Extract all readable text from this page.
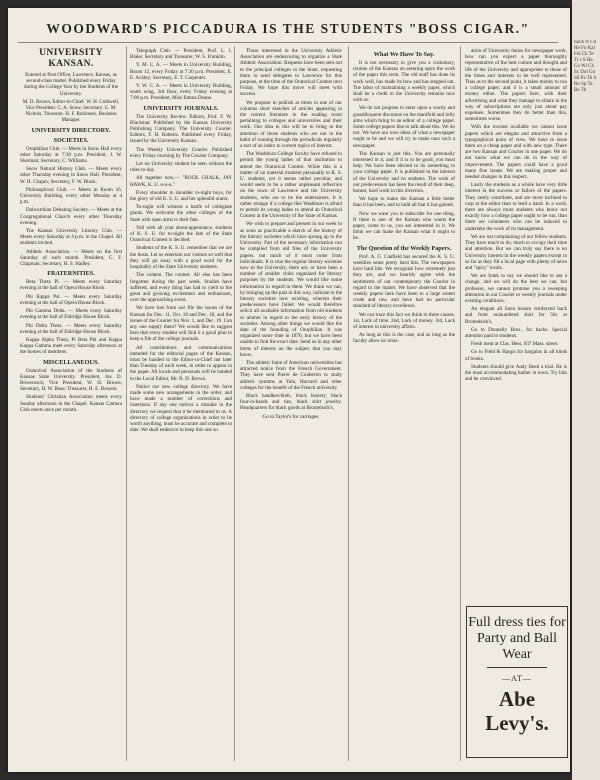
WOODWARD'S PICCADURA IS THE STUDENTS "BOSS CIGAR."
UNIVERSITY KANSAN.

Entered at Post Office, Lawrence, Kansas, as second-class matter. Published every Friday during the College Year by the Students of the University.

M. D. Brown, Editor-in-Chief. W. H. Coldwell, Vice President. C. A. Snow, Secretary. G. M. Nichols, Treasurer. H. F. Robinson, Business Manager.

UNIVERSITY DIRECTORY.
SOCIETIES.

Orophilian Club. — Meets in Snow Hall every other Saturday at 7:30 p.m. President, J. W. Sherman; Secretary, C. Williams.

Snow Natural History Club. — Meets every other Thursday evening in Snow Hall. President, W. H. Chapin; Secretary, F. W. Black.

Philosophical Club. — Meets in Room 16, University Building, every other Monday at 4 p.m.

Dalworthian Debating Society. — Meets at the Congregational Church every other Thursday evening.

The Kansas University Literary Club. — Meets every Saturday at 4 p.m. in the Chapel. All students invited.

Athletic Association. — Meets on the first Saturday of each month. President, C. F. Chapman; Secretary, H. S. Hadley.

FRATERNITIES.

Beta Theta Pi. — Meets every Saturday evening at the hall of Opera House Block.

Phi Kappa Psi. — Meets every Saturday evening at the hall of Opera House Block.

Phi Gamma Delta. — Meets every Saturday evening at the hall of Eldridge House Block.

Phi Delta Theta. — Meets every Saturday evening at the hall of Eldridge House Block.

Kappa Alpha Theta, Pi Beta Phi and Kappa Kappa Gamma meet every Saturday afternoon at the homes of members.

MISCELLANEOUS.

Oratorical Association of the Students of Kansas State University. President, Jos. D. Bowersock; Vice President, W. H. Brown; Secretary, H. W. Rose; Treasurer, H. E. Bowers.

Students' Christian Association meets every Sunday afternoon in the Chapel. Kansas Camera Club meets once per month.

Telegraph Club. — President, Prof. L. I. Blake; Secretary and Treasurer, W. S. Franklin.

Y. M. C. A. — Meets in University Building, Room 12, every Friday at 7:30 p.m. President, E. E. Ackley; Secretary, E. T. Carpenter.

Y. W. C. A. — Meets in University Building, south wing, 3rd floor, every Friday evening at 7:00 p.m. President, Miss Emma Deane.

UNIVERSITY JOURNALS.

The University Review. Editors, Prof. F. W. Blackmar. Published by the Kansas University Publishing Company. The University Courier. Editors, F. H. Roberts. Published every Friday, issued by the University Kansan.

The Weekly University Courier. Published every Friday morning by The Courier Company.

Let no University student be seen without the rules to-day.

All together now,— "ROCK CHALK, JAY HAWK, K. U. u-u-u."

Every shoulder to shoulder to-night boys, for the glory of old K. S. U. and her splendid orator.

To-night will witness a battle of collegiate giants. We welcome the other colleges of the State with open arms to their fate.

Yell with all your about-appearance, students of K. S. U. for to-night the fate of the State Oratorical Contest is decided.

Students of the K. S. U. remember that we are the hosts. Let us entertain our visitors so well that they will go away with a good word for the hospitality of the State University students.

The contest. The contest. All else has been forgotten during the past week. Studies have suffered, and every thing has had to yield to the great and growing excitement and enthusiasm, over the approaching event.

We have lost from our file the issues of the Kansan for Dec. 11, Oct. 18 and Dec. 18, and the issues of the Courier for Nov. 1, and Dec. 19. Can any one supply them? We would like to suggest here that every student will find it a good plan to keep a file of the college journals.

All contributions and communications intended for the editorial pages of the Kansan, must be handed to the Editor-in-Chief not later than Tuesday of each week, in order to appear in the paper. All locals and personals will be handed to the Local Editor, Mr. R. D. Brown.

Notice our new college directory. We have made some new arrangements in the order, and have made a number of corrections and insertions. If any one notices a mistake in the directory we request that it be mentioned to us. A directory of college organizations in order to be worth anything, must be accurate and complete to date. We shall endeavor to keep this one so.

Those interested in the University Athletic Association are endeavoring to organize a State Athletic Association. Requests have been sent out to the principal colleges in the State, requesting them to send delegates to Lawrence for this purpose, at the time of the Oratorical Contest next Friday. We hope this move will meet with success.

We propose to publish at times in one of our columns short sketches of articles appearing in the current literature in the reading room pertaining to colleges and universities and their work. Our idea in this will be to bring to the attention of those students who are not in the habit of running through the periodicals regularly a sort of an index to current topics of interest.

The Washburn College faculty have refused to permit the young ladies of that institution to attend the Oratorical Contest. While this is a matter of no material moment personally to K. S. U. students, yet it seems rather peculiar, and would seem to be a rather unpleasant reflection on the town of Lawrence and the University students, who are to be the entertainers. It is rather strange if a college like Washburn is afraid to permit its young ladies to attend an Oratorical Contest at the University of the State of Kansas.

We wish to prepare and present in our week to as soon as practicable a sketch of the history of the literary societies which have sprung up in the University. Part of the necessary information can be compiled from old files of the University papers, but much of it must come from individuals. It is true the regular literary societies now in the University, there are, or have been a number of smaller clubs organized for literary purposes by the students. We would like some information in regard to them. We think we can, by bringing up the past in this way, indicate to the literary societies now existing, wherein their predecessors have failed. We would therefore solicit all available information from old students or alumni in regard to the early history of the societies. Among other things we would like the date of the founding of Orophilian. It was organized some time in 1870, but we have been unable to find the exact date. Send us in any other items of interest on the subject that you may know.

The athletic fame of American universities has attracted notice from the French Government. They have sent Pierre de Coubertin to study athletic systems at Yale, Harvard and other colleges for the benefit of the French university.

Black handkerchiefs, black hosiery, black four-in-hands and ties, black shirt jewelry. Headquarters for black goods at Bromelsick's.

Go to Taylor's for carriages.

What We Have To Say.

It is not necessary to give you a customary, routine of the Kansan on entering upon the work of the paper this term. The old staff has done its work well, has made its bow and has stepped out. The labor of maintaining a weekly paper, which shall be a credit to the University remains now with us.

We do not propose to enter upon a wordy and grandiloquent discourse on the manifold and lofty aims which bring to an editor of a college paper. Some college papers like to talk about this. We do not. We have our own ideas of what a newspaper ought to be and we will try to make ours such a newspaper.

The Kansan is just this. You are personally interested in it, and if it is to be good, you must help. We have been elected to do something to your college paper. It is published in the interest of the University and its students. The work of our predecessors has been the result of their deep, honest, hard work in this direction.

We hope to make the Kansan a little better than it has been, and to hold all that it has gained.

Now we want you to subscribe for one thing. If there is one of the Kansan who wants the paper, come to us, you are interested in it. We think we can make the Kansan what it ought to be.

The Question of the Weekly Papers.

Prof. A. G. Canfield has secured the K. S. U. weeklies some pretty hard hits. The newspapers have hard hits. We recognize how extremely just they are, and we heartily agree with the sentiments of our contemporary the Courier in regard to the matter. We have observed that the weekly papers here have been to a large extent crude and raw, and have had no particular standard of literary excellence.

We can trace this fact we think to three causes. 1st, Lack of time. 2nd, Lack of money. 3rd, Lack of interest in university affairs.

As long as this is the case, and as long as the faculty allow no relax-

ation of University duties for newspaper work, how can you expect a paper thoroughly representative of the best culture and thought and life of the University and appropriate to those of the times and interests to be well represented. Thus as to the second point, it takes money to run a college paper, and it is a small amount of money either. The papers here, with their advertising and what they manage to obtain in the way of subscriptions are only just about pay expenses. Sometimes they do better than this, sometimes worse.

With the income available we cannot issue papers which are elegant and attractive from a typographical point of view. We have to issue them on a cheap paper and with new type. There are two Kansan and Courier in one paper. We do not know what we can do in the way of improvement. The papers could have a good many fine issues. We are making proper and needed changes in this respect.

Lastly the students as a whole have very little interest in the success or failure of the papers. They rarely contribute, and are more inclined to carp at the editor than to lend a hand. In a word, there are always more students who know not exactly how a college paper ought to be run, than there are volunteers who can be induced to undertake the work of its management.

We are not complaining of our fellow students. They have much to do, much to occupy their time and attention. But we can truly say there is no University interest in the weekly papers except in so far as they fill a local page with plenty of news and "spicy" locals.

We are frank to say we should like to see a change, and we will do the best we can, but professor, we cannot promise you a sweeping alteration in our Courier or weekly journals under existing conditions.

An elegant all linen bosom reinforced back and front unlaundered shirt for 50c at Bromelsick's.

Go to Donnelly Bros., for hacks. Special attention paid to students.

Fresh meat at Clas. Hess, 937 Mass. street.

Go to Field & Hargis for bargains in all kinds of books.

Students should give Andy Reed a trial. He is the most accommodating barber in town. Try him and be convinced.

Full dress ties for
Party and Ball
Wear
—AT—
Abe Levy's.
Sock N Ch He Fo Kal Fel Ch Te Ti s S Ha Co Wi Ch Sc Dol Go Sil Ps Th S Ro Sp Ta Be Th
